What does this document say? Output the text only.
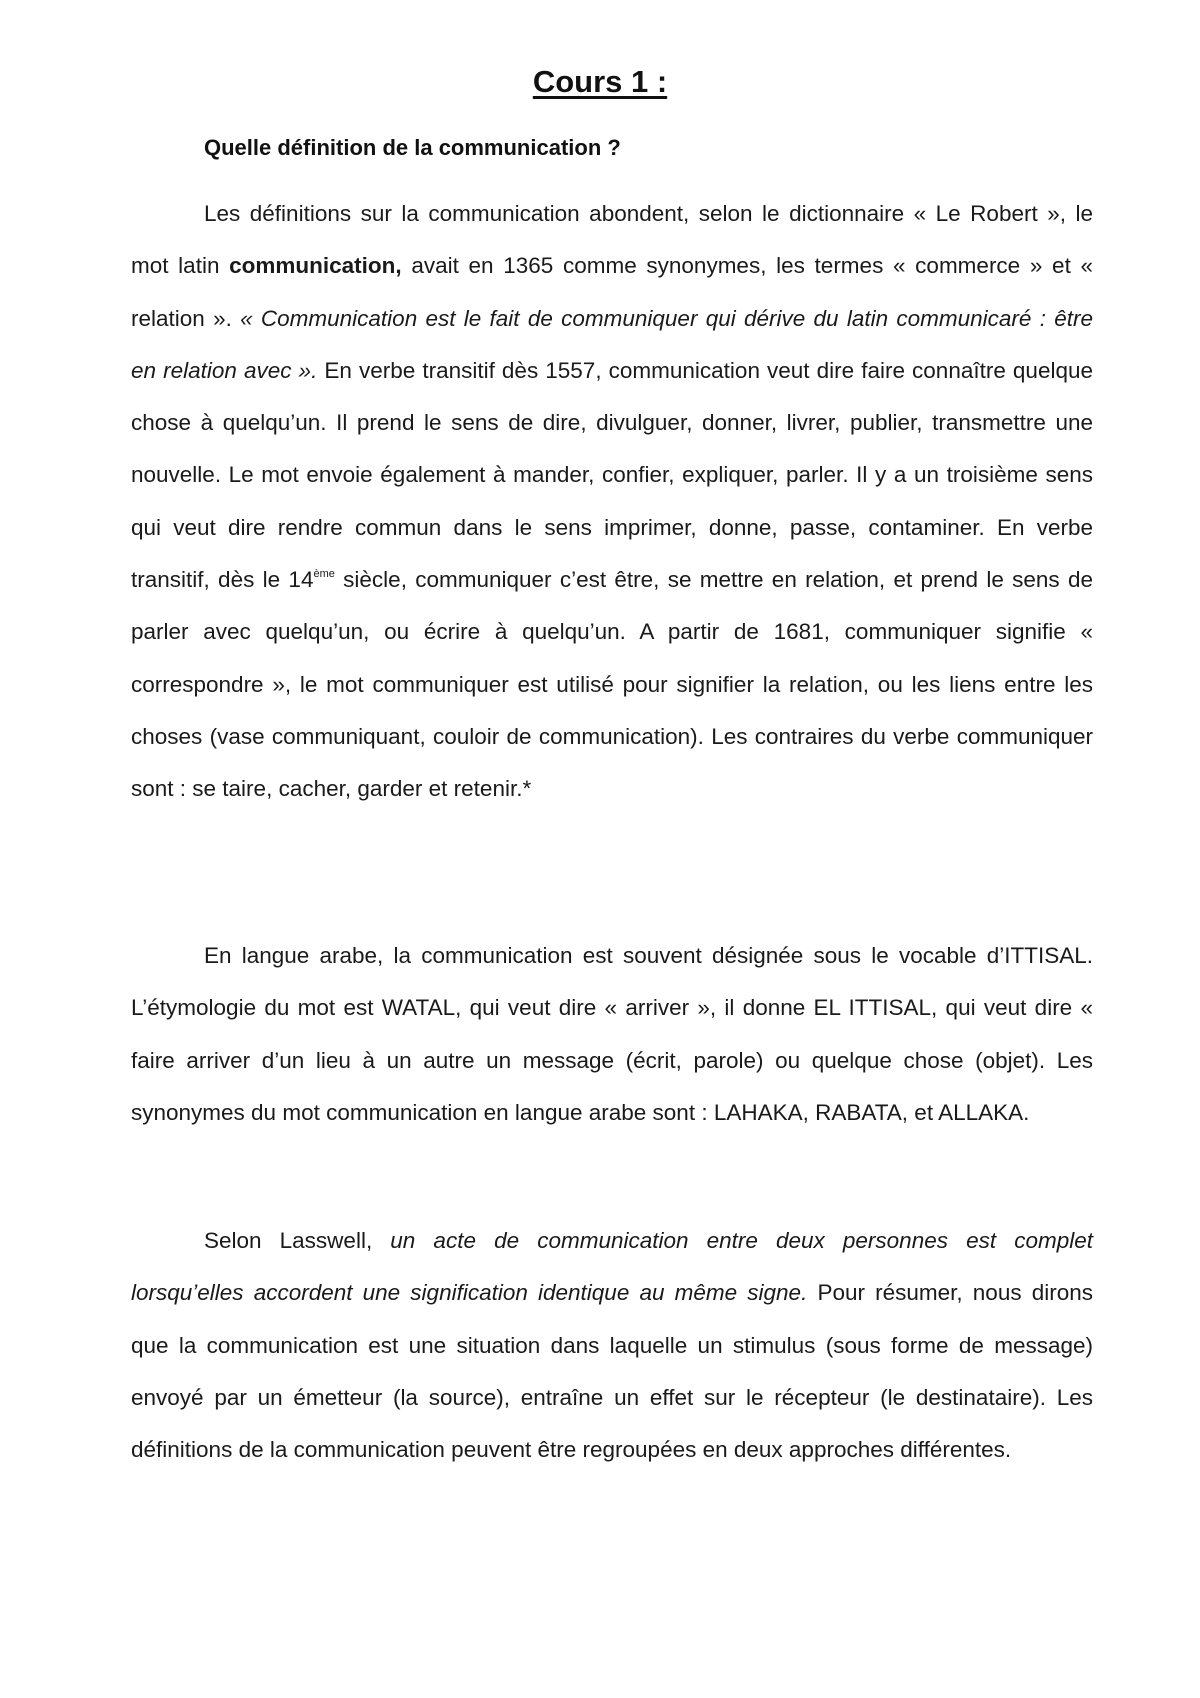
Cours 1 :
Quelle définition de la communication ?

Les définitions sur la communication abondent, selon le dictionnaire « Le Robert », le mot latin communication, avait en 1365 comme synonymes, les termes « commerce » et « relation ». « Communication est le fait de communiquer qui dérive du latin communicaré : être en relation avec ». En verbe transitif dès 1557, communication veut dire faire connaître quelque chose à quelqu’un. Il prend le sens de dire, divulguer, donner, livrer, publier, transmettre une nouvelle. Le mot envoie également à mander, confier, expliquer, parler. Il y a un troisième sens qui veut dire rendre commun dans le sens imprimer, donne, passe, contaminer. En verbe transitif, dès le 14ème siècle, communiquer c’est être, se mettre en relation, et prend le sens de parler avec quelqu’un, ou écrire à quelqu’un. A partir de 1681, communiquer signifie « correspondre », le mot communiquer est utilisé pour signifier la relation, ou les liens entre les choses (vase communiquant, couloir de communication). Les contraires du verbe communiquer sont : se taire, cacher, garder et retenir.*

En langue arabe, la communication est souvent désignée sous le vocable d’ITTISAL. L’étymologie du mot est WATAL, qui veut dire « arriver », il donne EL ITTISAL, qui veut dire « faire arriver d’un lieu à un autre un message (écrit, parole) ou quelque chose (objet). Les synonymes du mot communication en langue arabe sont : LAHAKA, RABATA, et ALLAKA.

Selon Lasswell, un acte de communication entre deux personnes est complet lorsqu’elles accordent une signification identique au même signe. Pour résumer, nous dirons que la communication est une situation dans laquelle un stimulus (sous forme de message) envoyé par un émetteur (la source), entraîne un effet sur le récepteur (le destinataire). Les définitions de la communication peuvent être regroupées en deux approches différentes.
